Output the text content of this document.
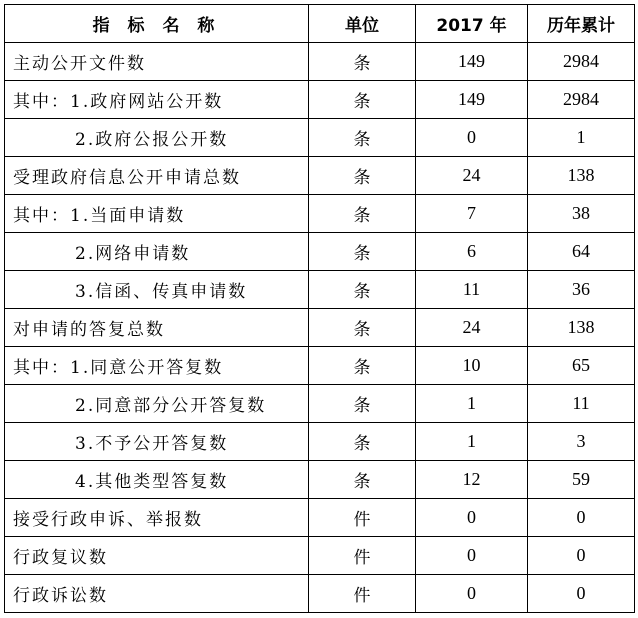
指 标 名 称	单位	2017 年	历年累计
主动公开文件数	条	149	2984
其中：1.政府网站公开数	条	149	2984
2.政府公报公开数	条	0	1
受理政府信息公开申请总数	条	24	138
其中：1.当面申请数	条	7	38
2.网络申请数	条	6	64
3.信函、传真申请数	条	11	36
对申请的答复总数	条	24	138
其中：1.同意公开答复数	条	10	65
2.同意部分公开答复数	条	1	11
3.不予公开答复数	条	1	3
4.其他类型答复数	条	12	59
接受行政申诉、举报数	件	0	0
行政复议数	件	0	0
行政诉讼数	件	0	0
